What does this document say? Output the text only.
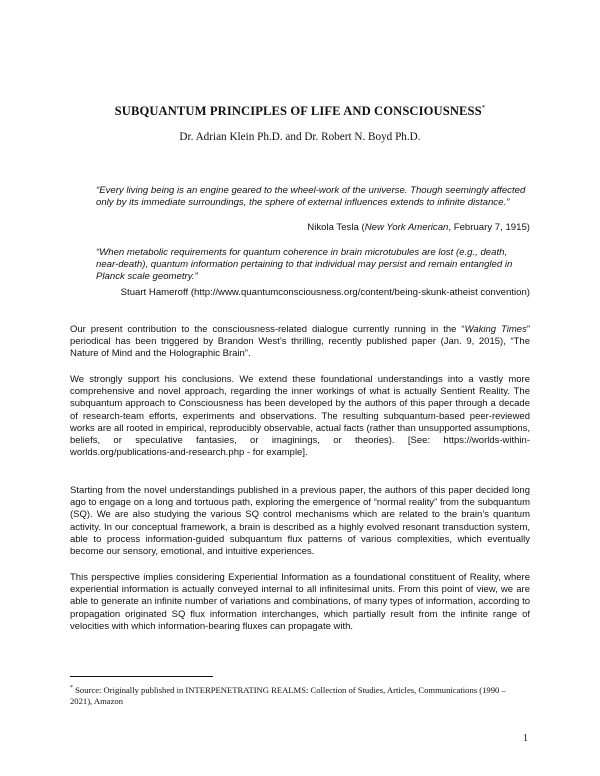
SUBQUANTUM PRINCIPLES OF LIFE AND CONSCIOUSNESS*
Dr. Adrian Klein Ph.D. and Dr. Robert N. Boyd Ph.D.
“Every living being is an engine geared to the wheel-work of the universe. Though seemingly affected only by its immediate surroundings, the sphere of external influences extends to infinite distance.”
Nikola Tesla (New York American, February 7, 1915)
“When metabolic requirements for quantum coherence in brain microtubules are lost (e.g., death, near-death), quantum information pertaining to that individual may persist and remain entangled in Planck scale geometry.”
Stuart Hameroff (http://www.quantumconsciousness.org/content/being-skunk-atheist convention)
Our present contribution to the consciousness-related dialogue currently running in the “Waking Times” periodical has been triggered by Brandon West’s thrilling, recently published paper (Jan. 9, 2015), “The Nature of Mind and the Holographic Brain”.
We strongly support his conclusions. We extend these foundational understandings into a vastly more comprehensive and novel approach, regarding the inner workings of what is actually Sentient Reality. The subquantum approach to Consciousness has been developed by the authors of this paper through a decade of research-team efforts, experiments and observations. The resulting subquantum-based peer-reviewed works are all rooted in empirical, reproducibly observable, actual facts (rather than unsupported assumptions, beliefs, or speculative fantasies, or imaginings, or theories). [See: https://worlds-within-worlds.org/publications-and-research.php - for example].
Starting from the novel understandings published in a previous paper, the authors of this paper decided long ago to engage on a long and tortuous path, exploring the emergence of “normal reality” from the subquantum (SQ). We are also studying the various SQ control mechanisms which are related to the brain’s quantum activity. In our conceptual framework, a brain is described as a highly evolved resonant transduction system, able to process information-guided subquantum flux patterns of various complexities, which eventually become our sensory, emotional, and intuitive experiences.
This perspective implies considering Experiential Information as a foundational constituent of Reality, where experiential information is actually conveyed internal to all infinitesimal units. From this point of view, we are able to generate an infinite number of variations and combinations, of many types of information, according to propagation originated SQ flux information interchanges, which partially result from the infinite range of velocities with which information-bearing fluxes can propagate with.
* Source: Originally published in INTERPENETRATING REALMS: Collection of Studies, Articles, Communications (1990 – 2021), Amazon
1
